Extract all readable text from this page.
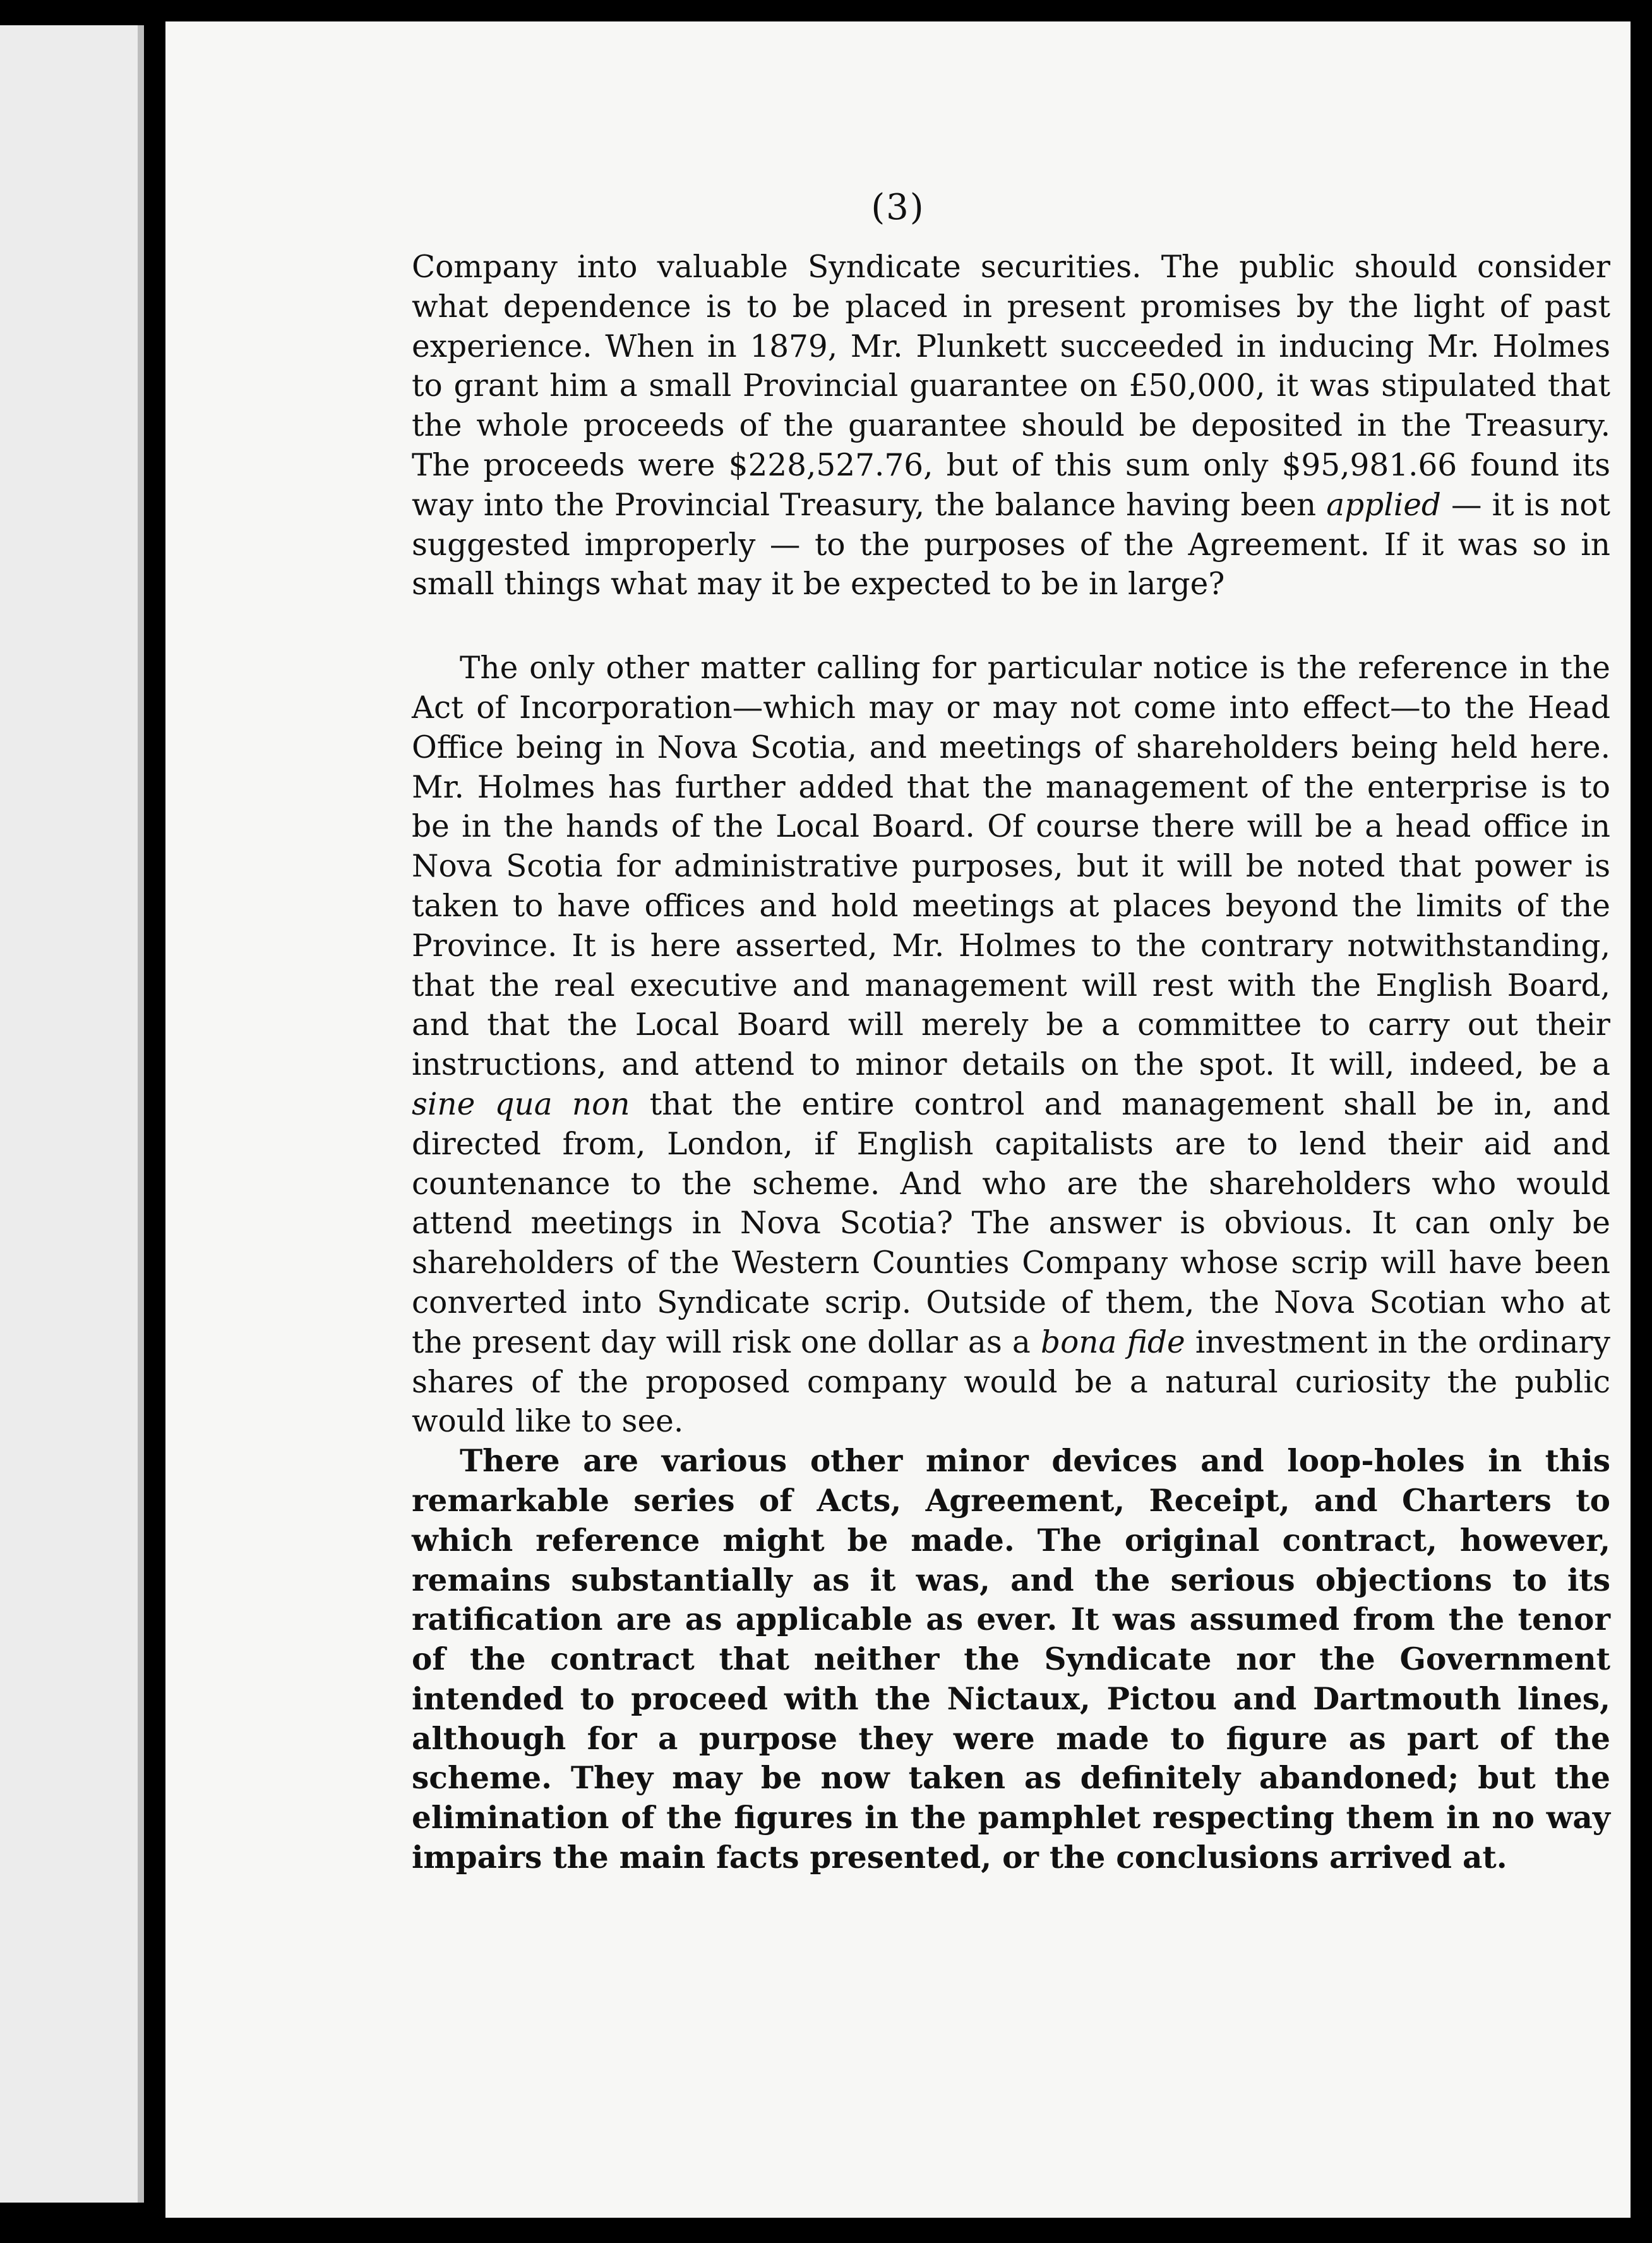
(3)

Company into valuable Syndicate securities. The public should consider what dependence is to be placed in present promises by the light of past experience. When in 1879, Mr. Plunkett succeeded in inducing Mr. Holmes to grant him a small Provincial guarantee on £50,000, it was stipulated that the whole proceeds of the guarantee should be deposited in the Treasury. The proceeds were $228,527.76, but of this sum only $95,981.66 found its way into the Provincial Treasury, the balance having been applied — it is not suggested improperly — to the purposes of the Agreement. If it was so in small things what may it be expected to be in large?

The only other matter calling for particular notice is the reference in the Act of Incorporation—which may or may not come into effect—to the Head Office being in Nova Scotia, and meetings of shareholders being held here. Mr. Holmes has further added that the management of the enterprise is to be in the hands of the Local Board. Of course there will be a head office in Nova Scotia for administrative purposes, but it will be noted that power is taken to have offices and hold meetings at places beyond the limits of the Province. It is here asserted, Mr. Holmes to the contrary notwithstanding, that the real executive and management will rest with the English Board, and that the Local Board will merely be a committee to carry out their instructions, and attend to minor details on the spot. It will, indeed, be a sine qua non that the entire control and management shall be in, and directed from, London, if English capitalists are to lend their aid and countenance to the scheme. And who are the shareholders who would attend meetings in Nova Scotia? The answer is obvious. It can only be shareholders of the Western Counties Company whose scrip will have been converted into Syndicate scrip. Outside of them, the Nova Scotian who at the present day will risk one dollar as a bona fide investment in the ordinary shares of the proposed company would be a natural curiosity the public would like to see.

There are various other minor devices and loop-holes in this remarkable series of Acts, Agreement, Receipt, and Charters to which reference might be made. The original contract, however, remains substantially as it was, and the serious objections to its ratification are as applicable as ever. It was assumed from the tenor of the contract that neither the Syndicate nor the Government intended to proceed with the Nictaux, Pictou and Dartmouth lines, although for a purpose they were made to figure as part of the scheme. They may be now taken as definitely abandoned; but the elimination of the figures in the pamphlet respecting them in no way impairs the main facts presented, or the conclusions arrived at.
